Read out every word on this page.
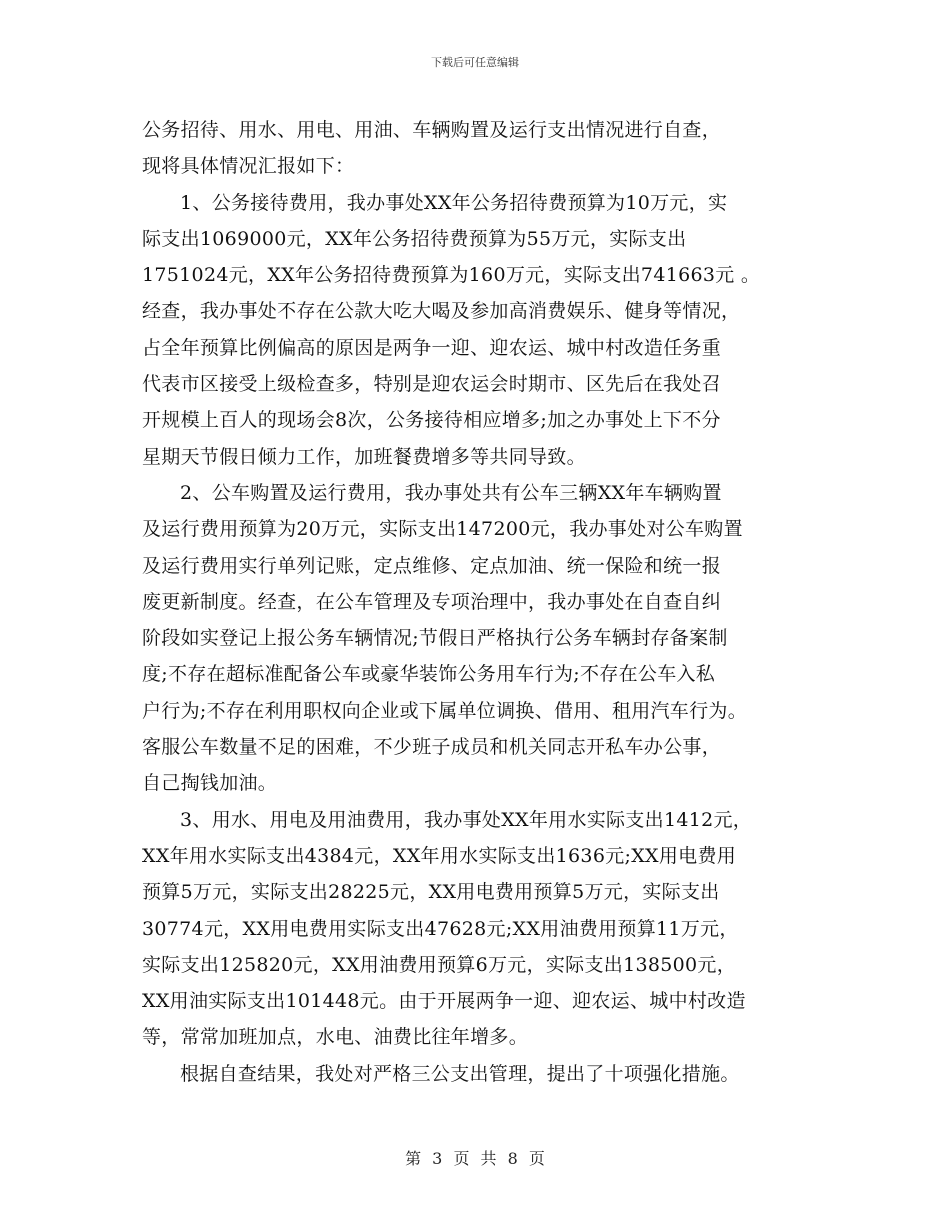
下载后可任意编辑
公务招待、用水、用电、用油、车辆购置及运行支出情况进行自查，
现将具体情况汇报如下：
1、公务接待费用，我办事处XX年公务招待费预算为10万元，实
际支出1069000元，XX年公务招待费预算为55万元，实际支出
1751024元，XX年公务招待费预算为160万元，实际支出741663元 。
经查，我办事处不存在公款大吃大喝及参加高消费娱乐、健身等情况，
占全年预算比例偏高的原因是两争一迎、迎农运、城中村改造任务重
代表市区接受上级检查多，特别是迎农运会时期市、区先后在我处召
开规模上百人的现场会8次，公务接待相应增多;加之办事处上下不分
星期天节假日倾力工作，加班餐费增多等共同导致。
2、公车购置及运行费用，我办事处共有公车三辆XX年车辆购置
及运行费用预算为20万元，实际支出147200元，我办事处对公车购置
及运行费用实行单列记账，定点维修、定点加油、统一保险和统一报
废更新制度。经查，在公车管理及专项治理中，我办事处在自查自纠
阶段如实登记上报公务车辆情况;节假日严格执行公务车辆封存备案制
度;不存在超标准配备公车或豪华装饰公务用车行为;不存在公车入私
户行为;不存在利用职权向企业或下属单位调换、借用、租用汽车行为。
客服公车数量不足的困难，不少班子成员和机关同志开私车办公事，
自己掏钱加油。
3、用水、用电及用油费用，我办事处XX年用水实际支出1412元，
XX年用水实际支出4384元，XX年用水实际支出1636元;XX用电费用
预算5万元，实际支出28225元，XX用电费用预算5万元，实际支出
30774元，XX用电费用实际支出47628元;XX用油费用预算11万元，
实际支出125820元，XX用油费用预算6万元，实际支出138500元，
XX用油实际支出101448元。由于开展两争一迎、迎农运、城中村改造
等，常常加班加点，水电、油费比往年增多。
根据自查结果，我处对严格三公支出管理，提出了十项强化措施。
第 3 页 共 8 页
